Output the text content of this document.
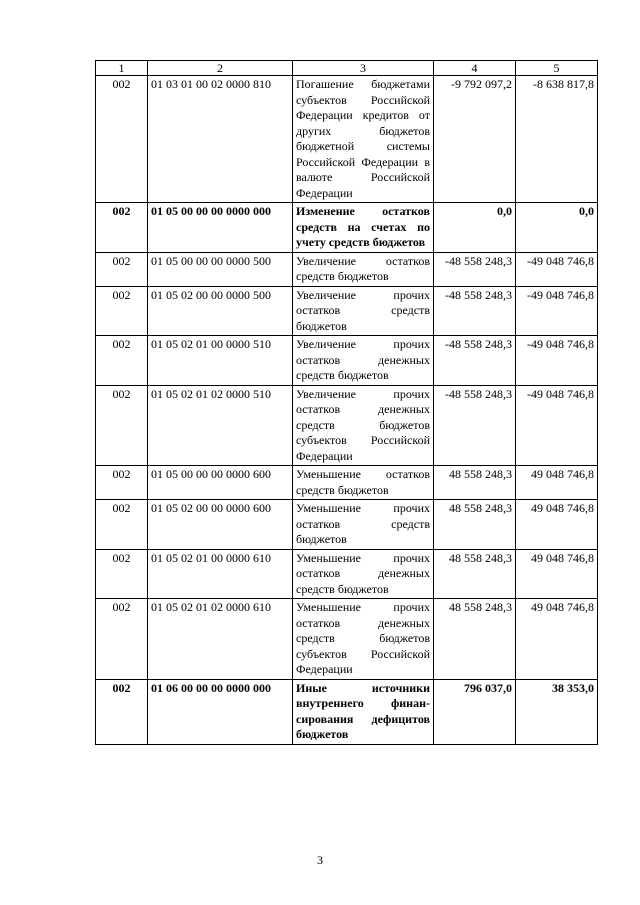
1	2	3	4	5
002	01 03 01 00 02 0000 810	Погашение бюджетами субъектов Российской Федерации кредитов от других бюджетов бюджетной системы Российской Федерации в валюте Российской Федерации	-9 792 097,2	-8 638 817,8
002	01 05 00 00 00 0000 000	Изменение остатков средств на счетах по учету средств бюджетов	0,0	0,0
002	01 05 00 00 00 0000 500	Увеличение остатков средств бюджетов	-48 558 248,3	-49 048 746,8
002	01 05 02 00 00 0000 500	Увеличение прочих остатков средств бюджетов	-48 558 248,3	-49 048 746,8
002	01 05 02 01 00 0000 510	Увеличение прочих остатков денежных средств бюджетов	-48 558 248,3	-49 048 746,8
002	01 05 02 01 02 0000 510	Увеличение прочих остатков денежных средств бюджетов субъектов Российской Федерации	-48 558 248,3	-49 048 746,8
002	01 05 00 00 00 0000 600	Уменьшение остатков средств бюджетов	48 558 248,3	49 048 746,8
002	01 05 02 00 00 0000 600	Уменьшение прочих остатков средств бюджетов	48 558 248,3	49 048 746,8
002	01 05 02 01 00 0000 610	Уменьшение прочих остатков денежных средств бюджетов	48 558 248,3	49 048 746,8
002	01 05 02 01 02 0000 610	Уменьшение прочих остатков денежных средств бюджетов субъектов Российской Федерации	48 558 248,3	49 048 746,8
002	01 06 00 00 00 0000 000	Иные источники внутреннего финансирования дефицитов бюджетов	796 037,0	38 353,0
3
